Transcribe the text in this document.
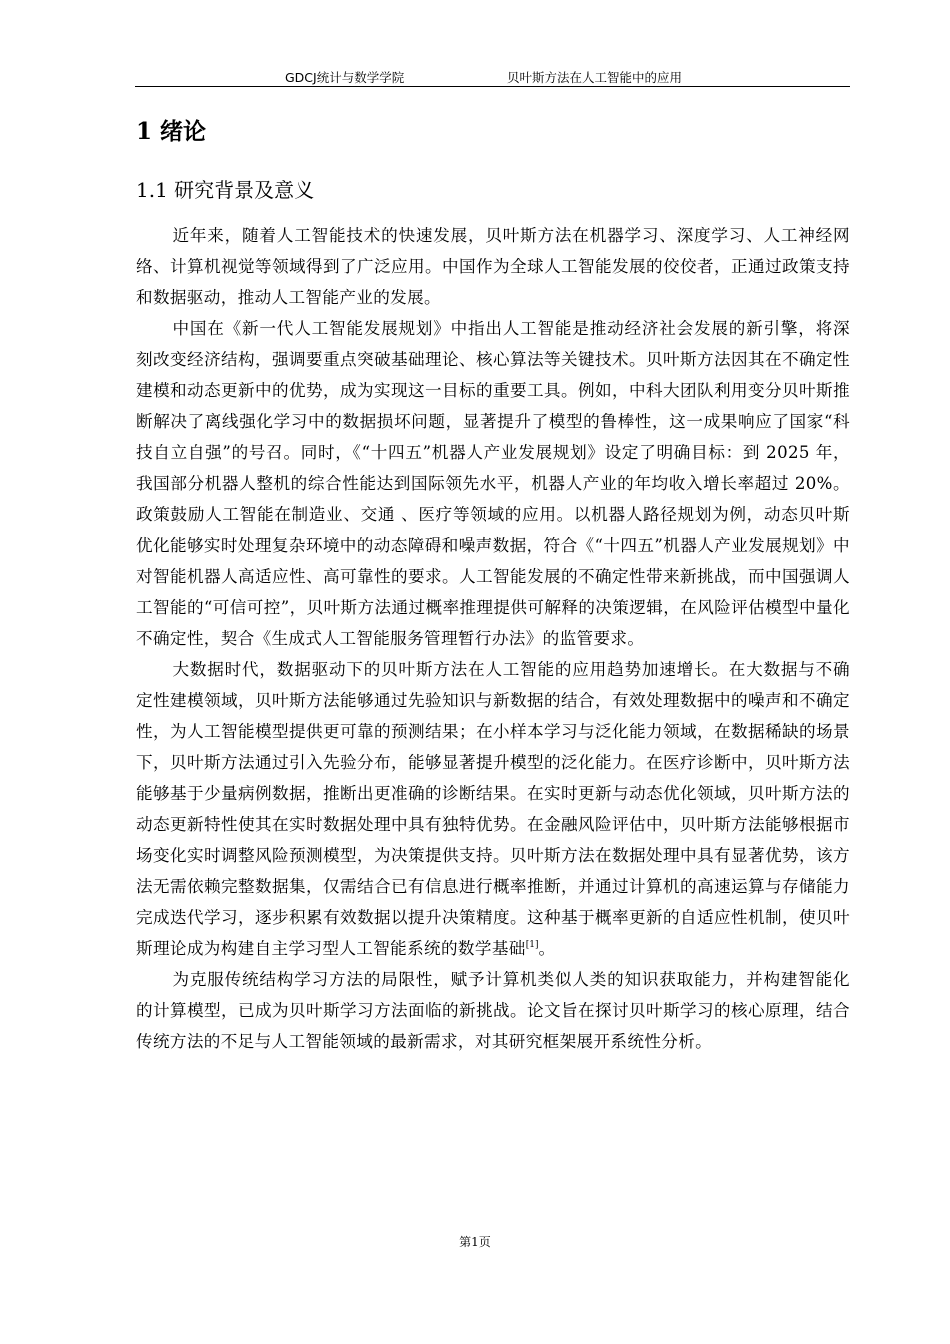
GDCJ统计与数学学院	贝叶斯方法在人工智能中的应用
1 绪论
1.1 研究背景及意义

近年来，随着人工智能技术的快速发展，贝叶斯方法在机器学习、深度学习、人工神经网络、计算机视觉等领域得到了广泛应用。中国作为全球人工智能发展的佼佼者，正通过政策支持和数据驱动，推动人工智能产业的发展。

中国在《新一代人工智能发展规划》中指出人工智能是推动经济社会发展的新引擎，将深刻改变经济结构，强调要重点突破基础理论、核心算法等关键技术。贝叶斯方法因其在不确定性建模和动态更新中的优势，成为实现这一目标的重要工具。例如，中科大团队利用变分贝叶斯推断解决了离线强化学习中的数据损坏问题，显著提升了模型的鲁棒性，这一成果响应了国家“科技自立自强”的号召。同时，《“十四五”机器人产业发展规划》设定了明确目标：到 2025 年，我国部分机器人整机的综合性能达到国际领先水平，机器人产业的年均收入增长率超过 20%。政策鼓励人工智能在制造业、交通 、医疗等领域的应用。以机器人路径规划为例，动态贝叶斯优化能够实时处理复杂环境中的动态障碍和噪声数据，符合《“十四五”机器人产业发展规划》中对智能机器人高适应性、高可靠性的要求。人工智能发展的不确定性带来新挑战，而中国强调人工智能的“可信可控”，贝叶斯方法通过概率推理提供可解释的决策逻辑，在风险评估模型中量化不确定性，契合《生成式人工智能服务管理暂行办法》的监管要求。

大数据时代，数据驱动下的贝叶斯方法在人工智能的应用趋势加速增长。在大数据与不确定性建模领域，贝叶斯方法能够通过先验知识与新数据的结合，有效处理数据中的噪声和不确定性，为人工智能模型提供更可靠的预测结果；在小样本学习与泛化能力领域，在数据稀缺的场景下，贝叶斯方法通过引入先验分布，能够显著提升模型的泛化能力。在医疗诊断中，贝叶斯方法能够基于少量病例数据，推断出更准确的诊断结果。在实时更新与动态优化领域，贝叶斯方法的动态更新特性使其在实时数据处理中具有独特优势。在金融风险评估中，贝叶斯方法能够根据市场变化实时调整风险预测模型，为决策提供支持。贝叶斯方法在数据处理中具有显著优势，该方法无需依赖完整数据集，仅需结合已有信息进行概率推断，并通过计算机的高速运算与存储能力完成迭代学习，逐步积累有效数据以提升决策精度。这种基于概率更新的自适应性机制，使贝叶斯理论成为构建自主学习型人工智能系统的数学基础[1]。

为克服传统结构学习方法的局限性，赋予计算机类似人类的知识获取能力，并构建智能化的计算模型，已成为贝叶斯学习方法面临的新挑战。论文旨在探讨贝叶斯学习的核心原理，结合传统方法的不足与人工智能领域的最新需求，对其研究框架展开系统性分析。

第1页
